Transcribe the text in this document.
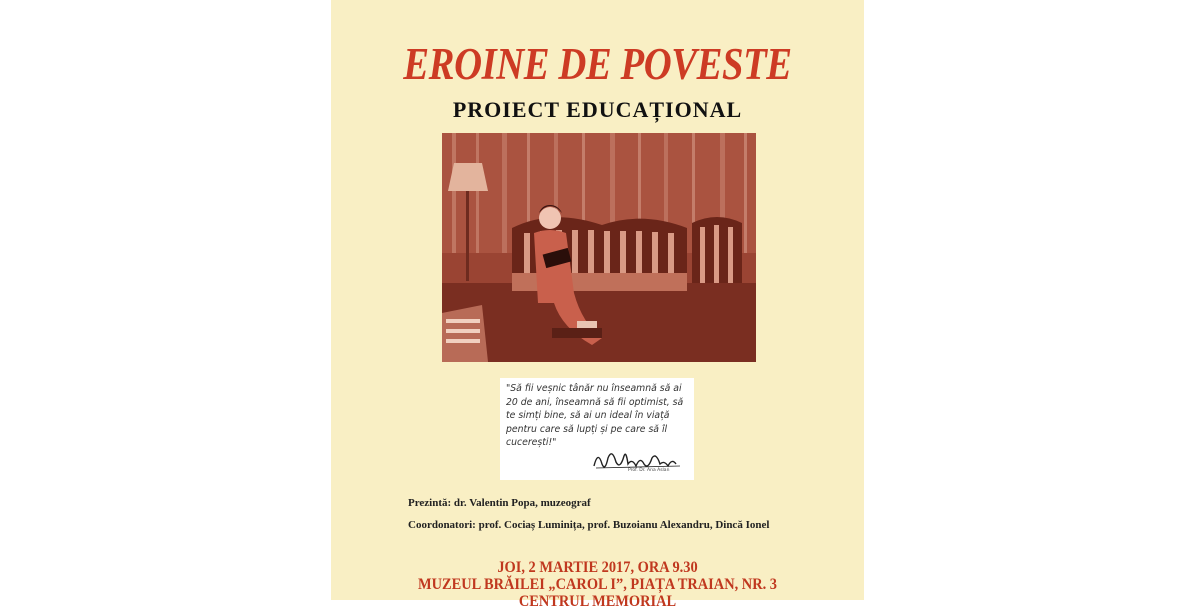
EROINE DE POVESTE
PROIECT EDUCAȚIONAL
"Să fii veșnic tânăr nu înseamnă să ai 20 de ani, înseamnă să fii optimist, să te simți bine, să ai un ideal în viață pentru care să lupți și pe care să îl cucerești!"
Prof. Dr. Ana Aslan
Prezintă: dr. Valentin Popa, muzeograf
Coordonatori: prof. Cociaș Luminița, prof. Buzoianu Alexandru, Dincă Ionel
JOI, 2 MARTIE 2017, ORA 9.30
MUZEUL BRĂILEI „CAROL I”, PIAȚA TRAIAN, NR. 3
CENTRUL MEMORIAL
